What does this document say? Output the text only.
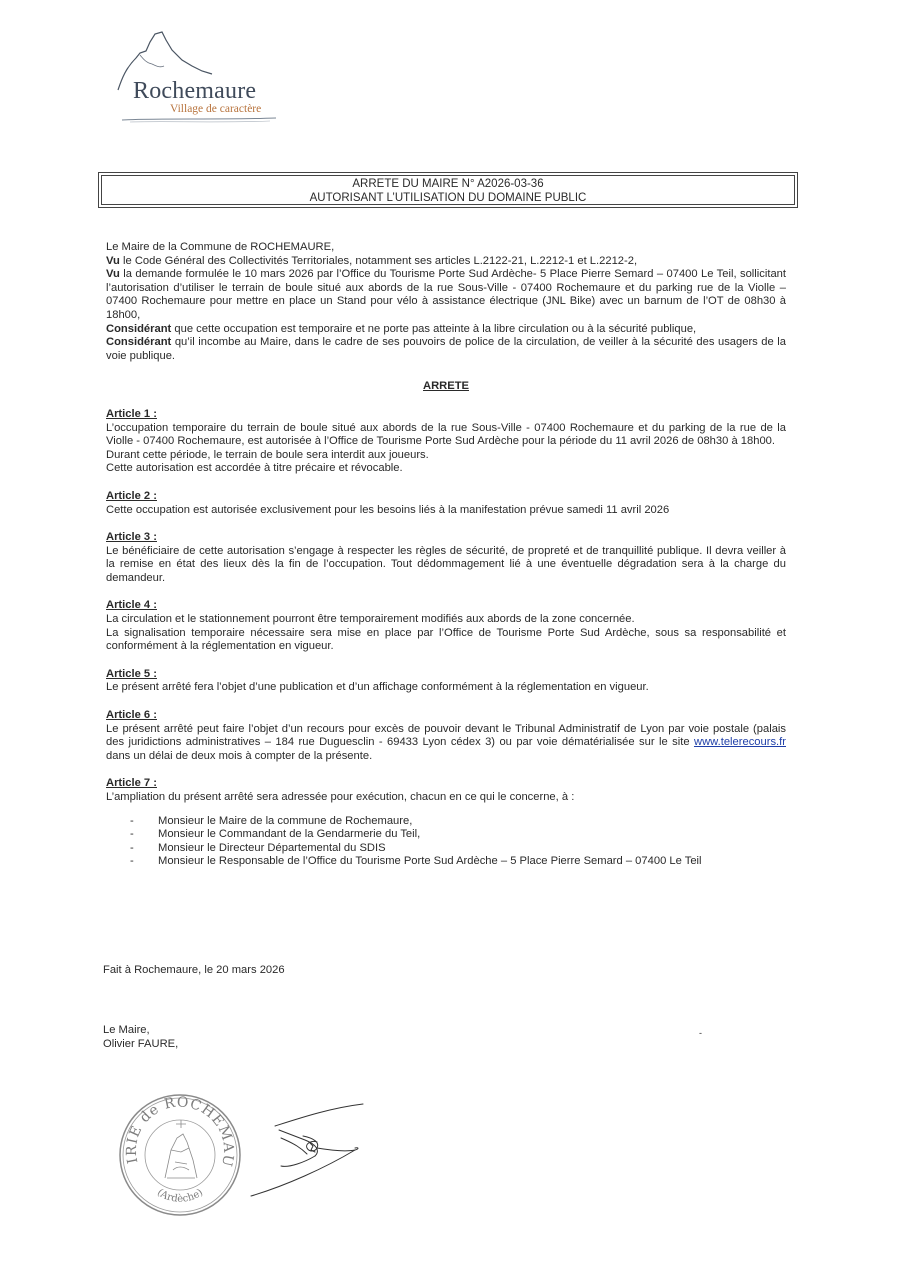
Rochemaure
Village de caractère
ARRETE DU MAIRE N° A2026-03-36
AUTORISANT L’UTILISATION DU DOMAINE PUBLIC

Le Maire de la Commune de ROCHEMAURE,

Vu le Code Général des Collectivités Territoriales, notamment ses articles L.2122-21, L.2212-1 et L.2212-2,

Vu la demande formulée le 10 mars 2026 par l’Office du Tourisme Porte Sud Ardèche- 5 Place Pierre Semard – 07400 Le Teil, sollicitant l’autorisation d’utiliser le terrain de boule situé aux abords de la rue Sous-Ville - 07400 Rochemaure et du parking rue de la Violle – 07400 Rochemaure pour mettre en place un Stand pour vélo à assistance électrique (JNL Bike) avec un barnum de l’OT de 08h30 à 18h00,

Considérant que cette occupation est temporaire et ne porte pas atteinte à la libre circulation ou à la sécurité publique,

Considérant qu’il incombe au Maire, dans le cadre de ses pouvoirs de police de la circulation, de veiller à la sécurité des usagers de la voie publique.

ARRETE

Article 1 :

L’occupation temporaire du terrain de boule situé aux abords de la rue Sous-Ville - 07400 Rochemaure et du parking de la rue de la Violle - 07400 Rochemaure, est autorisée à l’Office de Tourisme Porte Sud Ardèche pour la période du 11 avril 2026 de 08h30 à 18h00.

Durant cette période, le terrain de boule sera interdit aux joueurs.

Cette autorisation est accordée à titre précaire et révocable.

Article 2 :

Cette occupation est autorisée exclusivement pour les besoins liés à la manifestation prévue samedi 11 avril 2026

Article 3 :

Le bénéficiaire de cette autorisation s’engage à respecter les règles de sécurité, de propreté et de tranquillité publique. Il devra veiller à la remise en état des lieux dès la fin de l’occupation. Tout dédommagement lié à une éventuelle dégradation sera à la charge du demandeur.

Article 4 :

La circulation et le stationnement pourront être temporairement modifiés aux abords de la zone concernée.

La signalisation temporaire nécessaire sera mise en place par l’Office de Tourisme Porte Sud Ardèche, sous sa responsabilité et conformément à la réglementation en vigueur.

Article 5 :

Le présent arrêté fera l’objet d’une publication et d’un affichage conformément à la réglementation en vigueur.

Article 6 :

Le présent arrêté peut faire l’objet d’un recours pour excès de pouvoir devant le Tribunal Administratif de Lyon par voie postale (palais des juridictions administratives – 184 rue Duguesclin - 69433 Lyon cédex 3) ou par voie dématérialisée sur le site www.telerecours.fr dans un délai de deux mois à compter de la présente.

Article 7 :

L’ampliation du présent arrêté sera adressée pour exécution, chacun en ce qui le concerne, à :

- Monsieur le Maire de la commune de Rochemaure,
- Monsieur le Commandant de la Gendarmerie du Teil,
- Monsieur le Directeur Départemental du SDIS
- Monsieur le Responsable de l’Office du Tourisme Porte Sud Ardèche – 5 Place Pierre Semard – 07400 Le Teil
Fait à Rochemaure, le 20 mars 2026
Le Maire,
Olivier FAURE,
-
IRIE de ROCHEMAU
(Ardèche)
